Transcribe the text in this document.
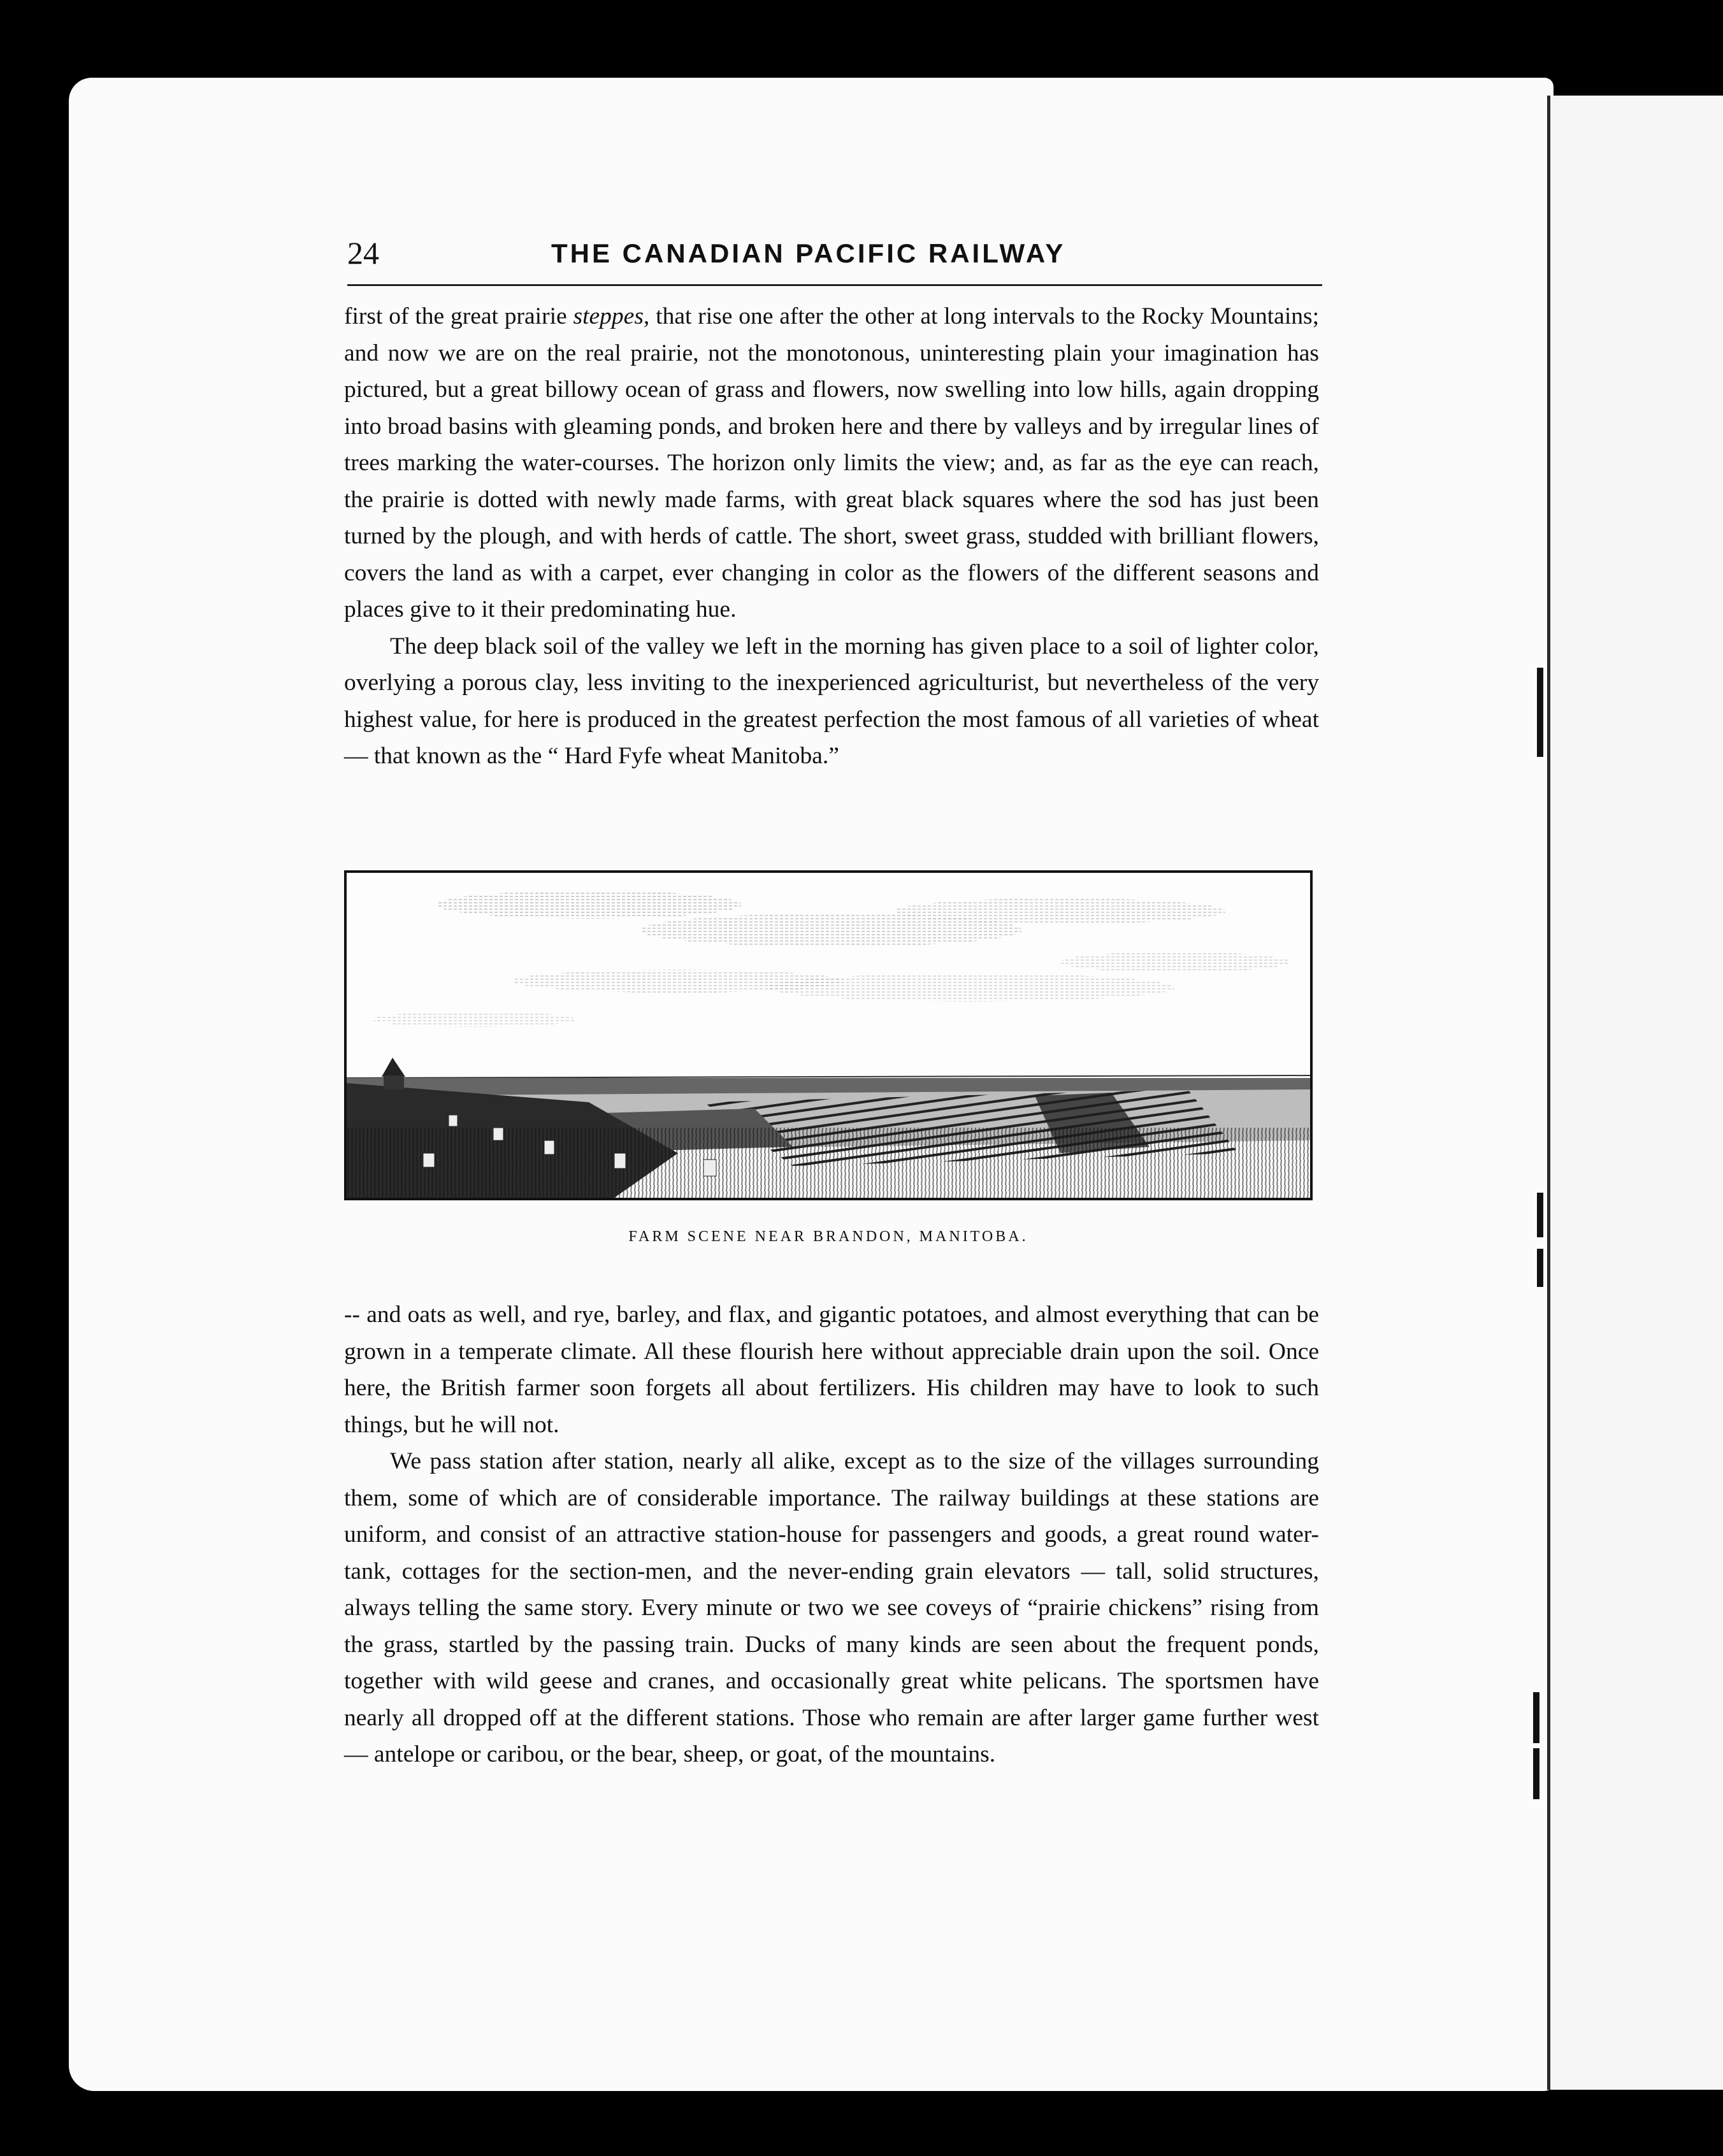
24	THE CANADIAN PACIFIC RAILWAY

first of the great prairie steppes, that rise one after the other at long intervals to the Rocky Mountains; and now we are on the real prairie, not the monotonous, uninteresting plain your imagination has pictured, but a great billowy ocean of grass and flowers, now swelling into low hills, again dropping into broad basins with gleaming ponds, and broken here and there by valleys and by irregular lines of trees marking the water-courses. The horizon only limits the view; and, as far as the eye can reach, the prairie is dotted with newly made farms, with great black squares where the sod has just been turned by the plough, and with herds of cattle. The short, sweet grass, studded with brilliant flowers, covers the land as with a carpet, ever changing in color as the flowers of the different seasons and places give to it their predominating hue.

The deep black soil of the valley we left in the morning has given place to a soil of lighter color, overlying a porous clay, less inviting to the inexperienced agriculturist, but nevertheless of the very highest value, for here is produced in the greatest perfection the most famous of all varieties of wheat — that known as the “ Hard Fyfe wheat Manitoba.”

FARM SCENE NEAR BRANDON, MANITOBA.

-- and oats as well, and rye, barley, and flax, and gigantic potatoes, and almost everything that can be grown in a temperate climate. All these flourish here without appreciable drain upon the soil. Once here, the British farmer soon forgets all about fertilizers. His children may have to look to such things, but he will not.

We pass station after station, nearly all alike, except as to the size of the villages surrounding them, some of which are of considerable importance. The railway buildings at these stations are uniform, and consist of an attractive station-house for passengers and goods, a great round water-tank, cottages for the section-men, and the never-ending grain elevators — tall, solid structures, always telling the same story. Every minute or two we see coveys of “prairie chickens” rising from the grass, startled by the passing train. Ducks of many kinds are seen about the frequent ponds, together with wild geese and cranes, and occasionally great white pelicans. The sportsmen have nearly all dropped off at the different stations. Those who remain are after larger game further west — antelope or caribou, or the bear, sheep, or goat, of the mountains.
